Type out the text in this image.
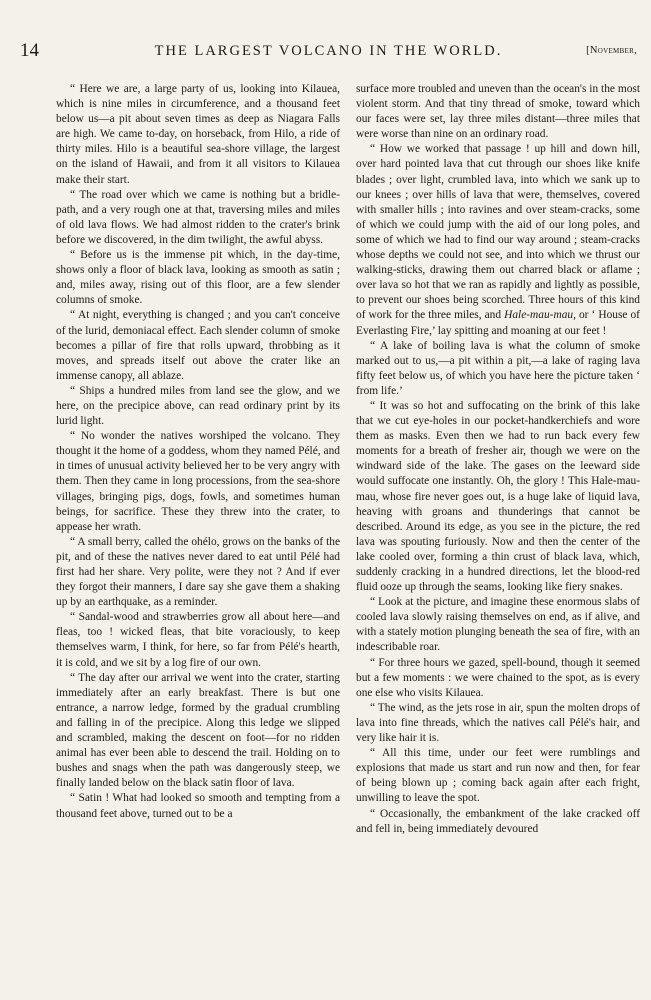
14	THE LARGEST VOLCANO IN THE WORLD.	[November,

“ Here we are, a large party of us, looking into Kilauea, which is nine miles in circumference, and a thousand feet below us—a pit about seven times as deep as Niagara Falls are high. We came to-day, on horseback, from Hilo, a ride of thirty miles. Hilo is a beautiful sea-shore village, the largest on the island of Hawaii, and from it all visitors to Kilauea make their start.

“ The road over which we came is nothing but a bridle-path, and a very rough one at that, traversing miles and miles of old lava flows. We had almost ridden to the crater's brink before we discovered, in the dim twilight, the awful abyss.

“ Before us is the immense pit which, in the day-time, shows only a floor of black lava, looking as smooth as satin ; and, miles away, rising out of this floor, are a few slender columns of smoke.

“ At night, everything is changed ; and you can't conceive of the lurid, demoniacal effect. Each slender column of smoke becomes a pillar of fire that rolls upward, throbbing as it moves, and spreads itself out above the crater like an immense canopy, all ablaze.

“ Ships a hundred miles from land see the glow, and we here, on the precipice above, can read ordinary print by its lurid light.

“ No wonder the natives worshiped the volcano. They thought it the home of a goddess, whom they named Pélé, and in times of unusual activity believed her to be very angry with them. Then they came in long processions, from the sea-shore villages, bringing pigs, dogs, fowls, and sometimes human beings, for sacrifice. These they threw into the crater, to appease her wrath.

“ A small berry, called the ohélo, grows on the banks of the pit, and of these the natives never dared to eat until Pélé had first had her share. Very polite, were they not ? And if ever they forgot their manners, I dare say she gave them a shaking up by an earthquake, as a reminder.

“ Sandal-wood and strawberries grow all about here—and fleas, too ! wicked fleas, that bite voraciously, to keep themselves warm, I think, for here, so far from Pélé's hearth, it is cold, and we sit by a log fire of our own.

“ The day after our arrival we went into the crater, starting immediately after an early breakfast. There is but one entrance, a narrow ledge, formed by the gradual crumbling and falling in of the precipice. Along this ledge we slipped and scrambled, making the descent on foot—for no ridden animal has ever been able to descend the trail. Holding on to bushes and snags when the path was dangerously steep, we finally landed below on the black satin floor of lava.

“ Satin ! What had looked so smooth and tempting from a thousand feet above, turned out to be a

surface more troubled and uneven than the ocean's in the most violent storm. And that tiny thread of smoke, toward which our faces were set, lay three miles distant—three miles that were worse than nine on an ordinary road.

“ How we worked that passage ! up hill and down hill, over hard pointed lava that cut through our shoes like knife blades ; over light, crumbled lava, into which we sank up to our knees ; over hills of lava that were, themselves, covered with smaller hills ; into ravines and over steam-cracks, some of which we could jump with the aid of our long poles, and some of which we had to find our way around ; steam-cracks whose depths we could not see, and into which we thrust our walking-sticks, drawing them out charred black or aflame ; over lava so hot that we ran as rapidly and lightly as possible, to prevent our shoes being scorched. Three hours of this kind of work for the three miles, and Hale-mau-mau, or ‘ House of Everlasting Fire,’ lay spitting and moaning at our feet !

“ A lake of boiling lava is what the column of smoke marked out to us,—a pit within a pit,—a lake of raging lava fifty feet below us, of which you have here the picture taken ‘ from life.’

“ It was so hot and suffocating on the brink of this lake that we cut eye-holes in our pocket-handkerchiefs and wore them as masks. Even then we had to run back every few moments for a breath of fresher air, though we were on the windward side of the lake. The gases on the leeward side would suffocate one instantly. Oh, the glory ! This Hale-mau-mau, whose fire never goes out, is a huge lake of liquid lava, heaving with groans and thunderings that cannot be described. Around its edge, as you see in the picture, the red lava was spouting furiously. Now and then the center of the lake cooled over, forming a thin crust of black lava, which, suddenly cracking in a hundred directions, let the blood-red fluid ooze up through the seams, looking like fiery snakes.

“ Look at the picture, and imagine these enormous slabs of cooled lava slowly raising themselves on end, as if alive, and with a stately motion plunging beneath the sea of fire, with an indescribable roar.

“ For three hours we gazed, spell-bound, though it seemed but a few moments : we were chained to the spot, as is every one else who visits Kilauea.

“ The wind, as the jets rose in air, spun the molten drops of lava into fine threads, which the natives call Pélé's hair, and very like hair it is.

“ All this time, under our feet were rumblings and explosions that made us start and run now and then, for fear of being blown up ; coming back again after each fright, unwilling to leave the spot.

“ Occasionally, the embankment of the lake cracked off and fell in, being immediately devoured
